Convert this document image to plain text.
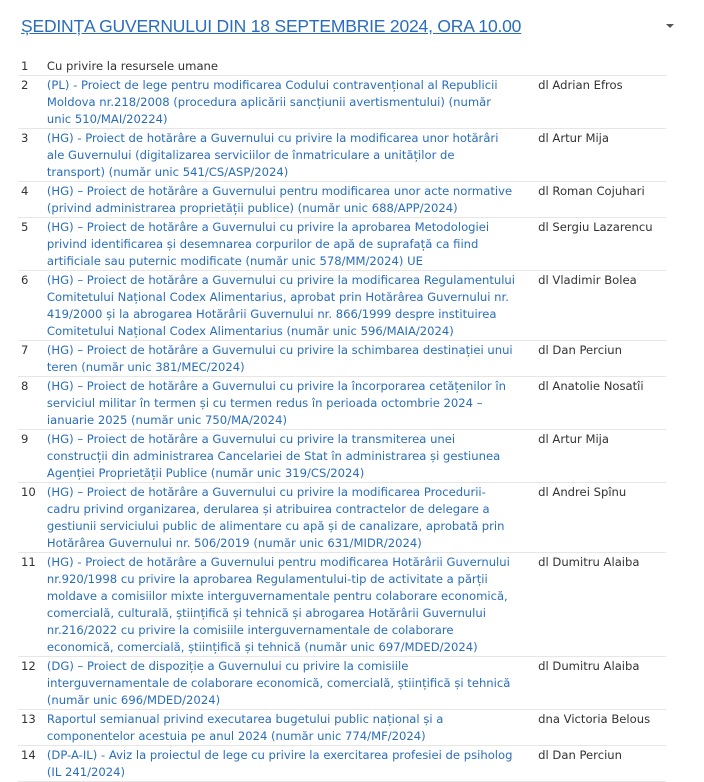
ȘEDINȚA GUVERNULUI DIN 18 SEPTEMBRIE 2024, ORA 10.00
1	Cu privire la resursele umane	
2	(PL) - Proiect de lege pentru modificarea Codului contravențional al Republicii Moldova nr.218/2008 (procedura aplicării sancțiunii avertismentului) (număr unic 510/MAI/20224)	dl Adrian Efros
3	(HG) - Proiect de hotărâre a Guvernului cu privire la modificarea unor hotărâri ale Guvernului (digitalizarea serviciilor de înmatriculare a unităților de transport) (număr unic 541/CS/ASP/2024)	dl Artur Mija
4	(HG) – Proiect de hotărâre a Guvernului pentru modificarea unor acte normative (privind administrarea proprietății publice) (număr unic 688/APP/2024)	dl Roman Cojuhari
5	(HG) – Proiect de hotărâre a Guvernului cu privire la aprobarea Metodologiei privind identificarea și desemnarea corpurilor de apă de suprafață ca fiind artificiale sau puternic modificate (număr unic 578/MM/2024) UE	dl Sergiu Lazarencu
6	(HG) – Proiect de hotărâre a Guvernului cu privire la modificarea Regulamentului Comitetului Național Codex Alimentarius, aprobat prin Hotărârea Guvernului nr. 419/2000 și la abrogarea Hotărârii Guvernului nr. 866/1999 despre instituirea Comitetului Național Codex Alimentarius (număr unic 596/MAIA/2024)	dl Vladimir Bolea
7	(HG) – Proiect de hotărâre a Guvernului cu privire la schimbarea destinației unui teren (număr unic 381/MEC/2024)	dl Dan Perciun
8	(HG) – Proiect de hotărâre a Guvernului cu privire la încorporarea cetățenilor în serviciul militar în termen și cu termen redus în perioada octombrie 2024 – ianuarie 2025 (număr unic 750/MA/2024)	dl Anatolie Nosatîi
9	(HG) – Proiect de hotărâre a Guvernului cu privire la transmiterea unei construcții din administrarea Cancelariei de Stat în administrarea și gestiunea Agenției Proprietății Publice (număr unic 319/CS/2024)	dl Artur Mija
10	(HG) – Proiect de hotărâre a Guvernului cu privire la modificarea Procedurii-cadru privind organizarea, derularea și atribuirea contractelor de delegare a gestiunii serviciului public de alimentare cu apă și de canalizare, aprobată prin Hotărârea Guvernului nr. 506/2019 (număr unic 631/MIDR/2024)	dl Andrei Spînu
11	(HG) - Proiect de hotărâre a Guvernului pentru modificarea Hotărârii Guvernului nr.920/1998 cu privire la aprobarea Regulamentului-tip de activitate a părții moldave a comisiilor mixte interguvernamentale pentru colaborare economică, comercială, culturală, științifică și tehnică și abrogarea Hotărârii Guvernului nr.216/2022 cu privire la comisiile interguvernamentale de colaborare economică, comercială, științifică și tehnică (număr unic 697/MDED/2024)	dl Dumitru Alaiba
12	(DG) – Proiect de dispoziție a Guvernului cu privire la comisiile interguvernamentale de colaborare economică, comercială, științifică și tehnică (număr unic 696/MDED/2024)	dl Dumitru Alaiba
13	Raportul semianual privind executarea bugetului public național și a componentelor acestuia pe anul 2024 (număr unic 774/MF/2024)	dna Victoria Belous
14	(DP-A-IL) - Aviz la proiectul de lege cu privire la exercitarea profesiei de psiholog (IL 241/2024)	dl Dan Perciun
